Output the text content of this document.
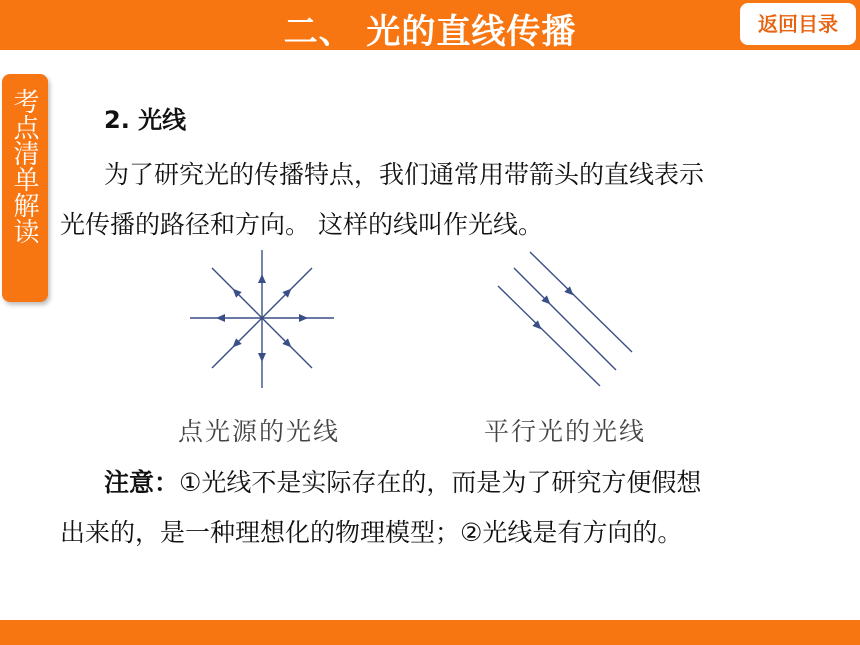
二、 光的直线传播	返回目录
考点清单解读	2. 光线
为了研究光的传播特点，我们通常用带箭头的直线表示
光传播的路径和方向。 这样的线叫作光线。
点光源的光线	平行光的光线
注意：①光线不是实际存在的，而是为了研究方便假想
出来的，是一种理想化的物理模型；②光线是有方向的。
